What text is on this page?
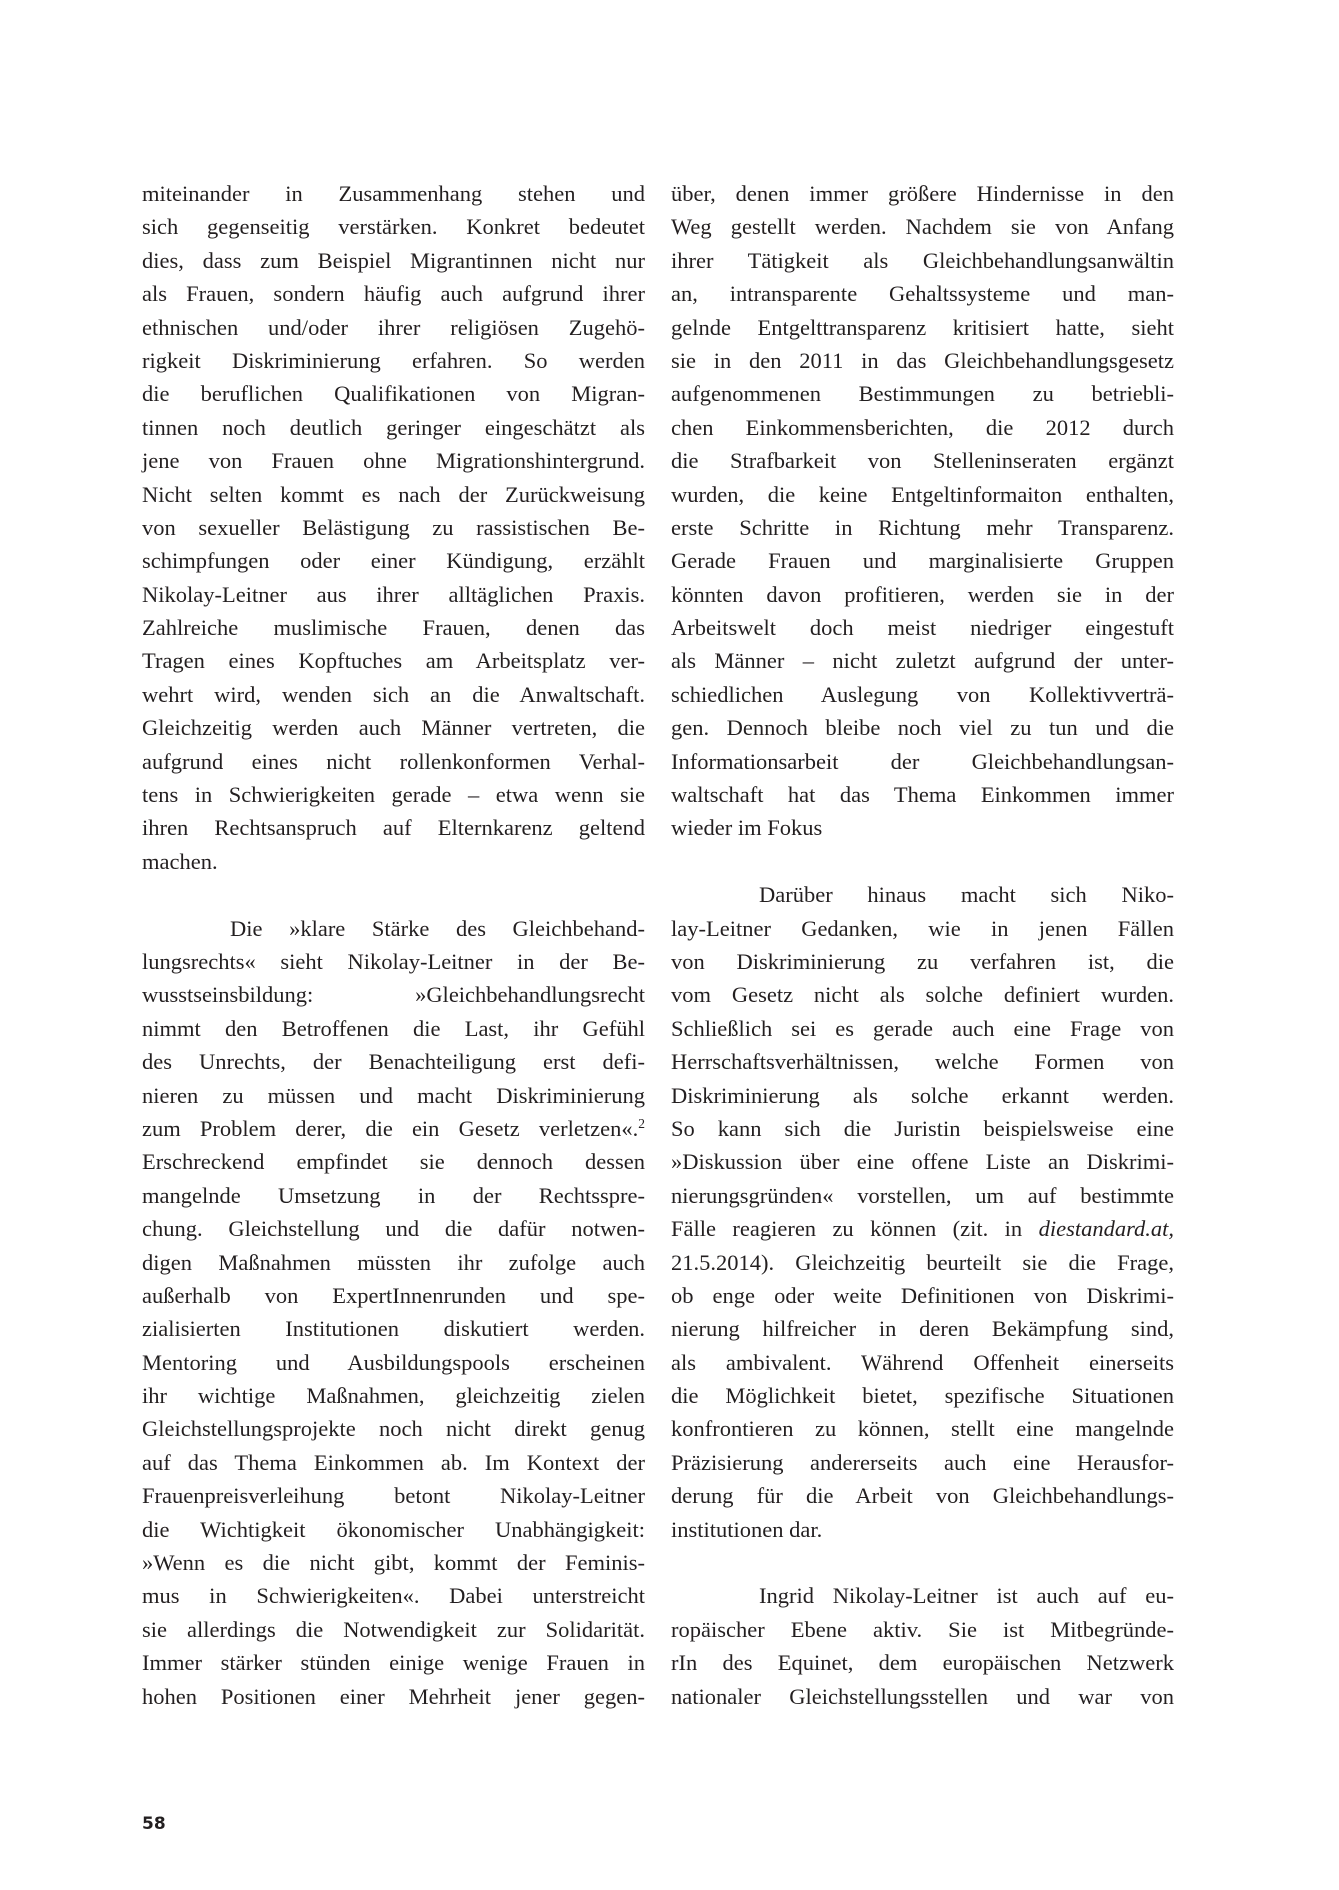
miteinander in Zusammenhang stehen und
sich gegenseitig verstärken. Konkret bedeutet
dies, dass zum Beispiel Migrantinnen nicht nur
als Frauen, sondern häufig auch aufgrund ihrer
ethnischen und/oder ihrer religiösen Zugehö-
rigkeit Diskriminierung erfahren. So werden
die beruflichen Qualifikationen von Migran-
tinnen noch deutlich geringer eingeschätzt als
jene von Frauen ohne Migrationshintergrund.
Nicht selten kommt es nach der Zurückweisung
von sexueller Belästigung zu rassistischen Be-
schimpfungen oder einer Kündigung, erzählt
Nikolay-Leitner aus ihrer alltäglichen Praxis.
Zahlreiche muslimische Frauen, denen das
Tragen eines Kopftuches am Arbeitsplatz ver-
wehrt wird, wenden sich an die Anwaltschaft.
Gleichzeitig werden auch Männer vertreten, die
aufgrund eines nicht rollenkonformen Verhal-
tens in Schwierigkeiten gerade – etwa wenn sie
ihren Rechtsanspruch auf Elternkarenz geltend
machen.
Die »klare Stärke des Gleichbehand-
lungsrechts« sieht Nikolay-Leitner in der Be-
wusstseinsbildung: »Gleichbehandlungsrecht
nimmt den Betroffenen die Last, ihr Gefühl
des Unrechts, der Benachteiligung erst defi-
nieren zu müssen und macht Diskriminierung
zum Problem derer, die ein Gesetz verletzen«.$^2$
Erschreckend empfindet sie dennoch dessen
mangelnde Umsetzung in der Rechtsspre-
chung. Gleichstellung und die dafür notwen-
digen Maßnahmen müssten ihr zufolge auch
außerhalb von ExpertInnenrunden und spe-
zialisierten Institutionen diskutiert werden.
Mentoring und Ausbildungspools erscheinen
ihr wichtige Maßnahmen, gleichzeitig zielen
Gleichstellungsprojekte noch nicht direkt genug
auf das Thema Einkommen ab. Im Kontext der
Frauenpreisverleihung betont Nikolay-Leitner
die Wichtigkeit ökonomischer Unabhängigkeit:
»Wenn es die nicht gibt, kommt der Feminis-
mus in Schwierigkeiten«. Dabei unterstreicht
sie allerdings die Notwendigkeit zur Solidarität.
Immer stärker stünden einige wenige Frauen in
hohen Positionen einer Mehrheit jener gegen-
über, denen immer größere Hindernisse in den
Weg gestellt werden. Nachdem sie von Anfang
ihrer Tätigkeit als Gleichbehandlungsanwältin
an, intransparente Gehaltssysteme und man-
gelnde Entgelttransparenz kritisiert hatte, sieht
sie in den 2011 in das Gleichbehandlungsgesetz
aufgenommenen Bestimmungen zu betriebli-
chen Einkommensberichten, die 2012 durch
die Strafbarkeit von Stelleninseraten ergänzt
wurden, die keine Entgeltinformaiton enthalten,
erste Schritte in Richtung mehr Transparenz.
Gerade Frauen und marginalisierte Gruppen
könnten davon profitieren, werden sie in der
Arbeitswelt doch meist niedriger eingestuft
als Männer – nicht zuletzt aufgrund der unter-
schiedlichen Auslegung von Kollektivverträ-
gen. Dennoch bleibe noch viel zu tun und die
Informationsarbeit der Gleichbehandlungsan-
waltschaft hat das Thema Einkommen immer
wieder im Fokus
Darüber hinaus macht sich Niko-
lay-Leitner Gedanken, wie in jenen Fällen
von Diskriminierung zu verfahren ist, die
vom Gesetz nicht als solche definiert wurden.
Schließlich sei es gerade auch eine Frage von
Herrschaftsverhältnissen, welche Formen von
Diskriminierung als solche erkannt werden.
So kann sich die Juristin beispielsweise eine
»Diskussion über eine offene Liste an Diskrimi-
nierungsgründen« vorstellen, um auf bestimmte
Fälle reagieren zu können (zit. in diestandard.at,
21.5.2014). Gleichzeitig beurteilt sie die Frage,
ob enge oder weite Definitionen von Diskrimi-
nierung hilfreicher in deren Bekämpfung sind,
als ambivalent. Während Offenheit einerseits
die Möglichkeit bietet, spezifische Situationen
konfrontieren zu können, stellt eine mangelnde
Präzisierung andererseits auch eine Herausfor-
derung für die Arbeit von Gleichbehandlungs-
institutionen dar.
Ingrid Nikolay-Leitner ist auch auf eu-
ropäischer Ebene aktiv. Sie ist Mitbegründe-
rIn des Equinet, dem europäischen Netzwerk
nationaler Gleichstellungsstellen und war von
58
